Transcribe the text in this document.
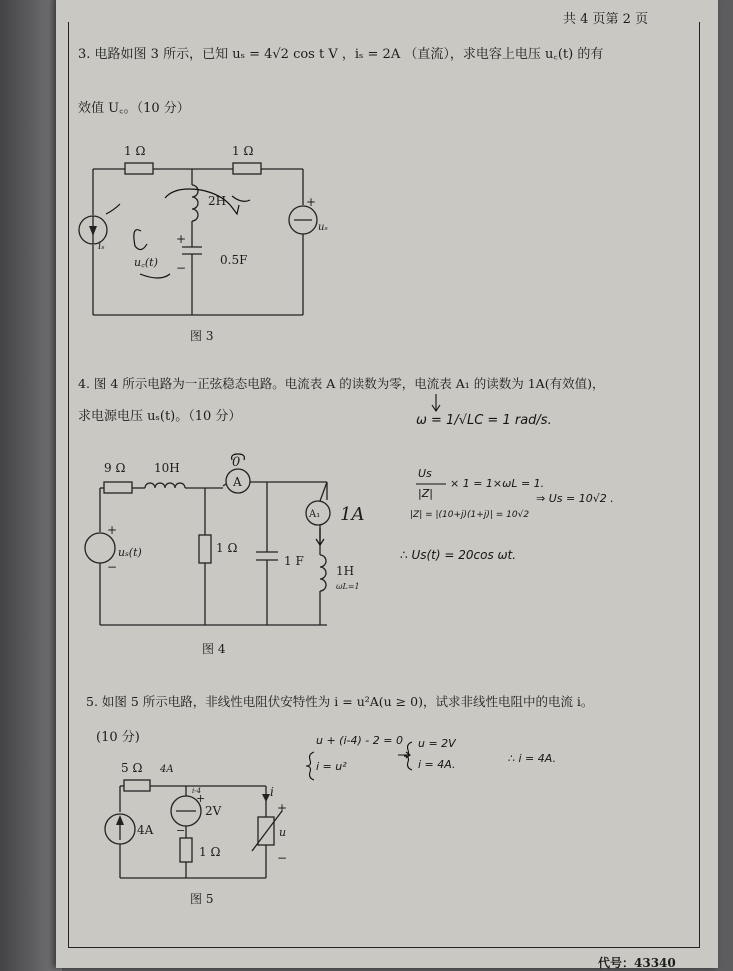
共 4 页第 2 页
3. 电路如图 3 所示，已知 uₛ = 4√2 cos t V ，iₛ = 2A （直流），求电容上电压 u꜀(t) 的有
效值 U꜀。（10 分）
1 Ω	1 Ω
2H
0.5F
+
−
iₛ
uₛ
+
u꜀(t)
图 3
4. 图 4 所示电路为一正弦稳态电路。电流表 A 的读数为零，电流表 A₁ 的读数为 1A(有效值)，
求电源电压 uₛ(t)。（10 分）
9 Ω 10H
A
A₁
1 Ω
1 F
1H
uₛ(t)
+
−
0
1A
ωL=1
图 4
ω = 1/√LC = 1 rad/s.
Us
|Z|
× 1 = 1×ωL = 1.
|Z| = |(10+j)(1+j)| = 10√2
⇒ Us = 10√2 .
∴ Us(t) = 20cos ωt.
5. 如图 5 所示电路，非线性电阻伏安特性为 i = u²A(u ≥ 0)，试求非线性电阻中的电流 i。
(10 分)
5 Ω
4A
2V
1 Ω
i
u
+
−
+
−
4A
i-4
图 5
u + (i-4) - 2 = 0
i = u²
u = 2V
i = 4A.	∴ i = 4A.
代号：43340
